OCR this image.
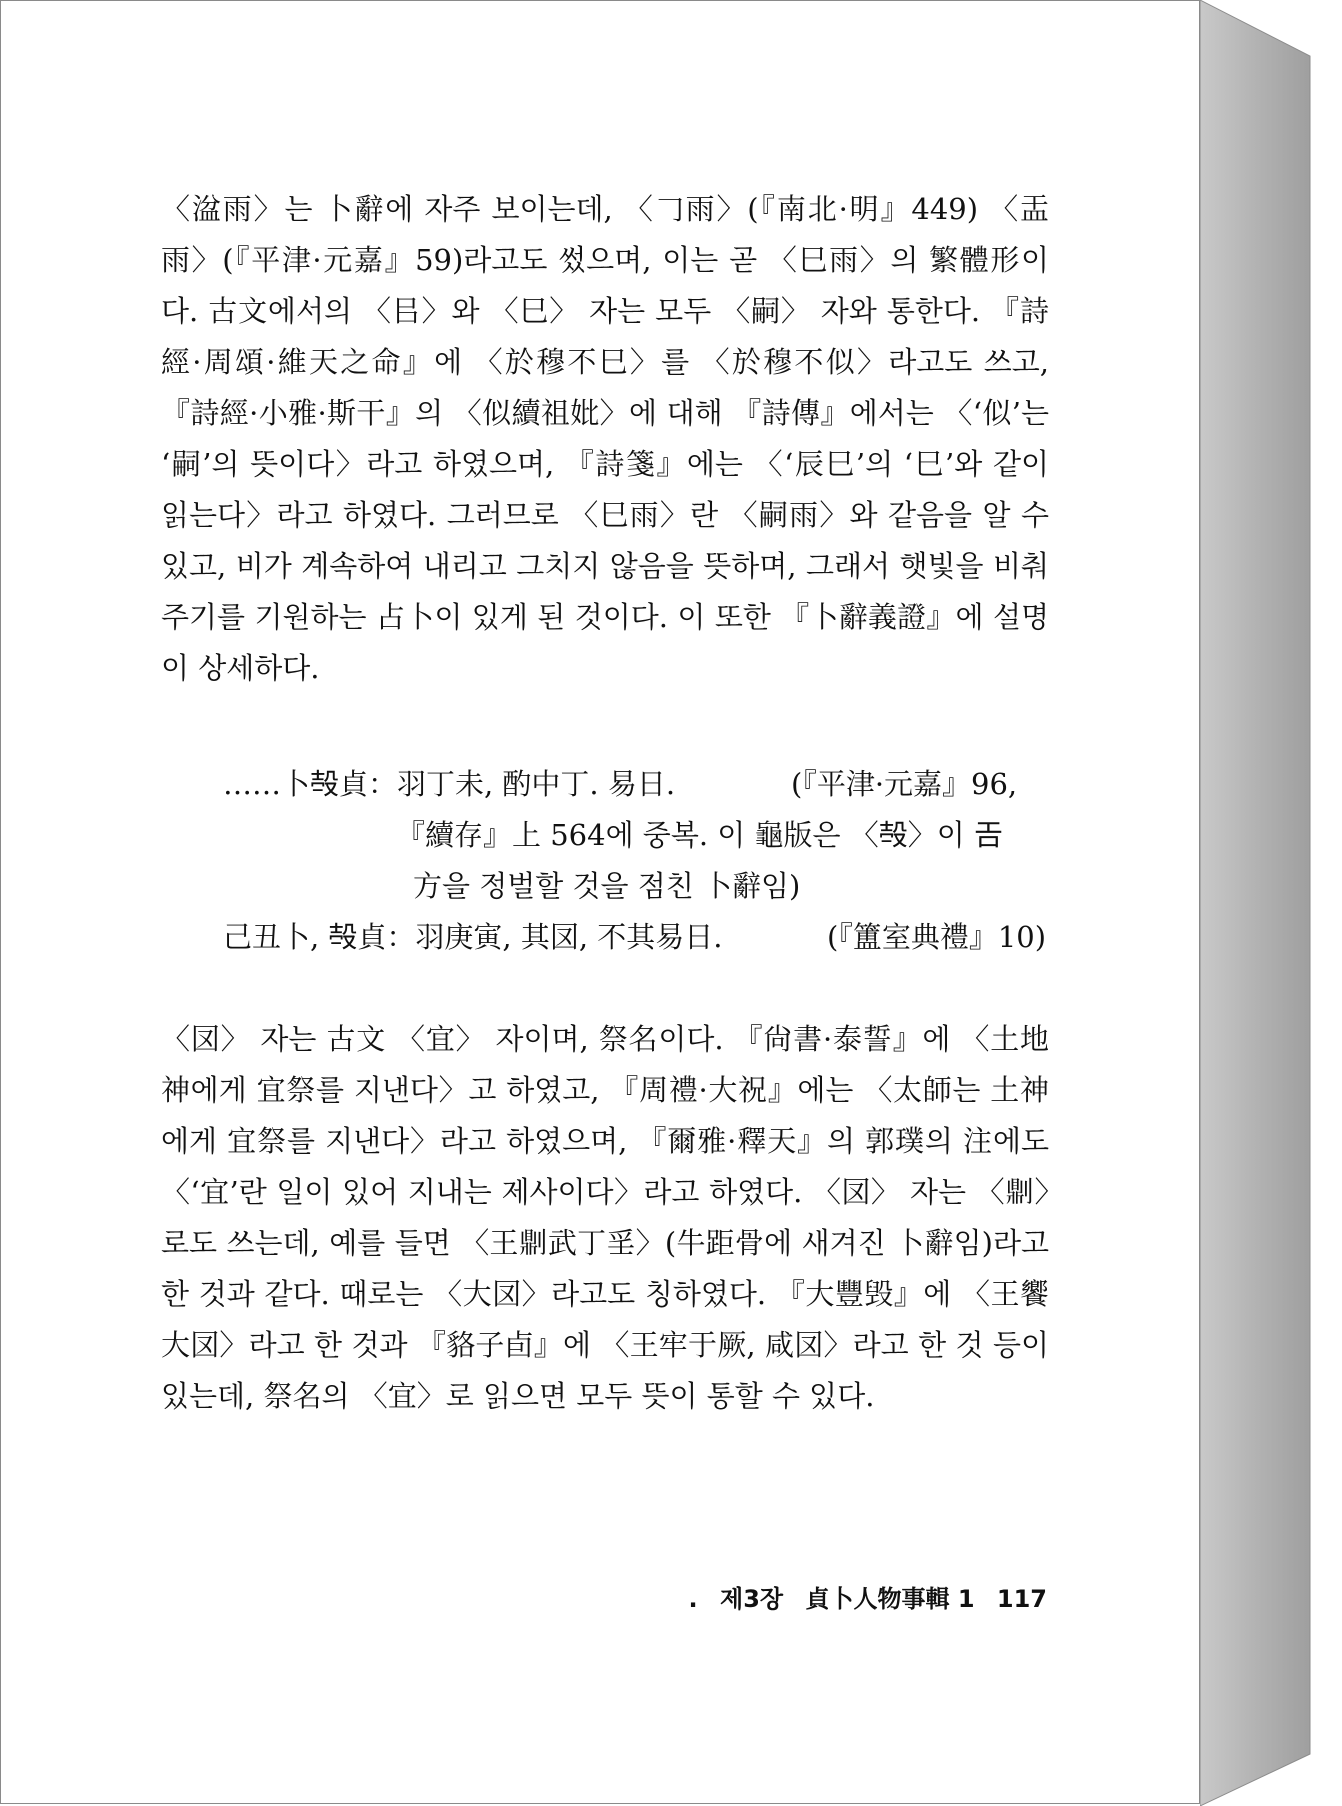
〈湓雨〉는 卜辭에 자주 보이는데, 〈𠃌雨〉(『南北·明』449) 〈㿻雨〉(『平津·元嘉』59)라고도 썼으며, 이는 곧 〈巳雨〉의 繁體形이다. 古文에서의 〈㠯〉와 〈巳〉 자는 모두 〈嗣〉 자와 통한다. 『詩經·周頌·維天之命』에 〈於穆不巳〉를 〈於穆不似〉라고도 쓰고, 『詩經·小雅·斯干』의 〈似續祖妣〉에 대해 『詩傳』에서는 〈‘似’는 ‘嗣’의 뜻이다〉라고 하였으며, 『詩箋』에는 〈‘辰巳’의 ‘巳’와 같이 읽는다〉라고 하였다. 그러므로 〈巳雨〉란 〈嗣雨〉와 같음을 알 수 있고, 비가 계속하여 내리고 그치지 않음을 뜻하며, 그래서 햇빛을 비춰주기를 기원하는 占卜이 있게 된 것이다. 이 또한 『卜辭義證』에 설명이 상세하다.

……卜𣪊貞：羽丁未, 酌中丁. 易日.	(『平津·元嘉』96,

『續存』上 564에 중복. 이 龜版은 〈𣪊〉이 𢀛

方을 정벌할 것을 점친 卜辭임)

己丑卜, 𣪊貞：羽庚寅, 其㘝, 不其易日.	(『簠室典禮』10)

〈㘝〉 자는 古文 〈宜〉 자이며, 祭名이다. 『尙書·泰誓』에 〈土地神에게 宜祭를 지낸다〉고 하였고, 『周禮·大祝』에는 〈太師는 土神에게 宜祭를 지낸다〉라고 하였으며, 『爾雅·釋天』의 郭璞의 注에도 〈‘宜’란 일이 있어 지내는 제사이다〉라고 하였다. 〈㘝〉 자는 〈𠟭〉로도 쓰는데, 예를 들면 〈王𠟭武丁㸒〉(牛距骨에 새겨진 卜辭임)라고 한 것과 같다. 때로는 〈大㘝〉라고도 칭하였다. 『大豐毁』에 〈王饗大㘝〉라고 한 것과 『貉子卣』에 〈王牢于厥, 咸㘝〉라고 한 것 등이 있는데, 祭名의 〈宜〉로 읽으면 모두 뜻이 통할 수 있다.

. 제3장 貞卜人物事輯 1 117
